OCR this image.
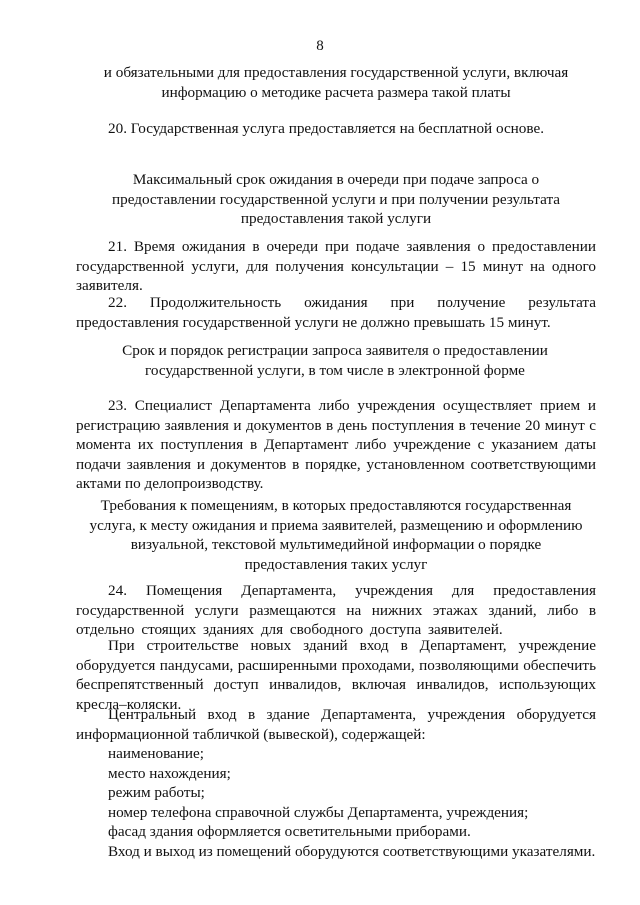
8
и обязательными для предоставления государственной услуги, включая информацию о методике расчета размера такой платы
20. Государственная услуга предоставляется на бесплатной основе.
Максимальный срок ожидания в очереди при подаче запроса о предоставлении государственной услуги и при получении результата предоставления такой услуги

21. Время ожидания в очереди при подаче заявления о предоставлении государственной услуги, для получения консультации – 15 минут на одного заявителя.

22. Продолжительность ожидания при получение результата предоставления государственной услуги не должно превышать 15 минут.

Срок и порядок регистрации запроса заявителя о предоставлении государственной услуги, в том числе в электронной форме

23. Специалист Департамента либо учреждения осуществляет прием и регистрацию заявления и документов в день поступления в течение 20 минут с момента их поступления в Департамент либо учреждение с указанием даты подачи заявления и документов в порядке, установленном соответствующими актами по делопроизводству.

Требования к помещениям, в которых предоставляются государственная услуга, к месту ожидания и приема заявителей, размещению и оформлению визуальной, текстовой мультимедийной информации о порядке предоставления таких услуг

24. Помещения Департамента, учреждения для предоставления государственной услуги размещаются на нижних этажах зданий, либо в отдельно стоящих зданиях для свободного доступа заявителей.

При строительстве новых зданий вход в Департамент, учреждение оборудуется пандусами, расширенными проходами, позволяющими обеспечить беспрепятственный доступ инвалидов, включая инвалидов, использующих кресла–коляски.

Центральный вход в здание Департамента, учреждения оборудуется информационной табличкой (вывеской), содержащей:

наименование;
место нахождения;
режим работы;
номер телефона справочной службы Департамента, учреждения;
фасад здания оформляется осветительными приборами.
Вход и выход из помещений оборудуются соответствующими указателями.
